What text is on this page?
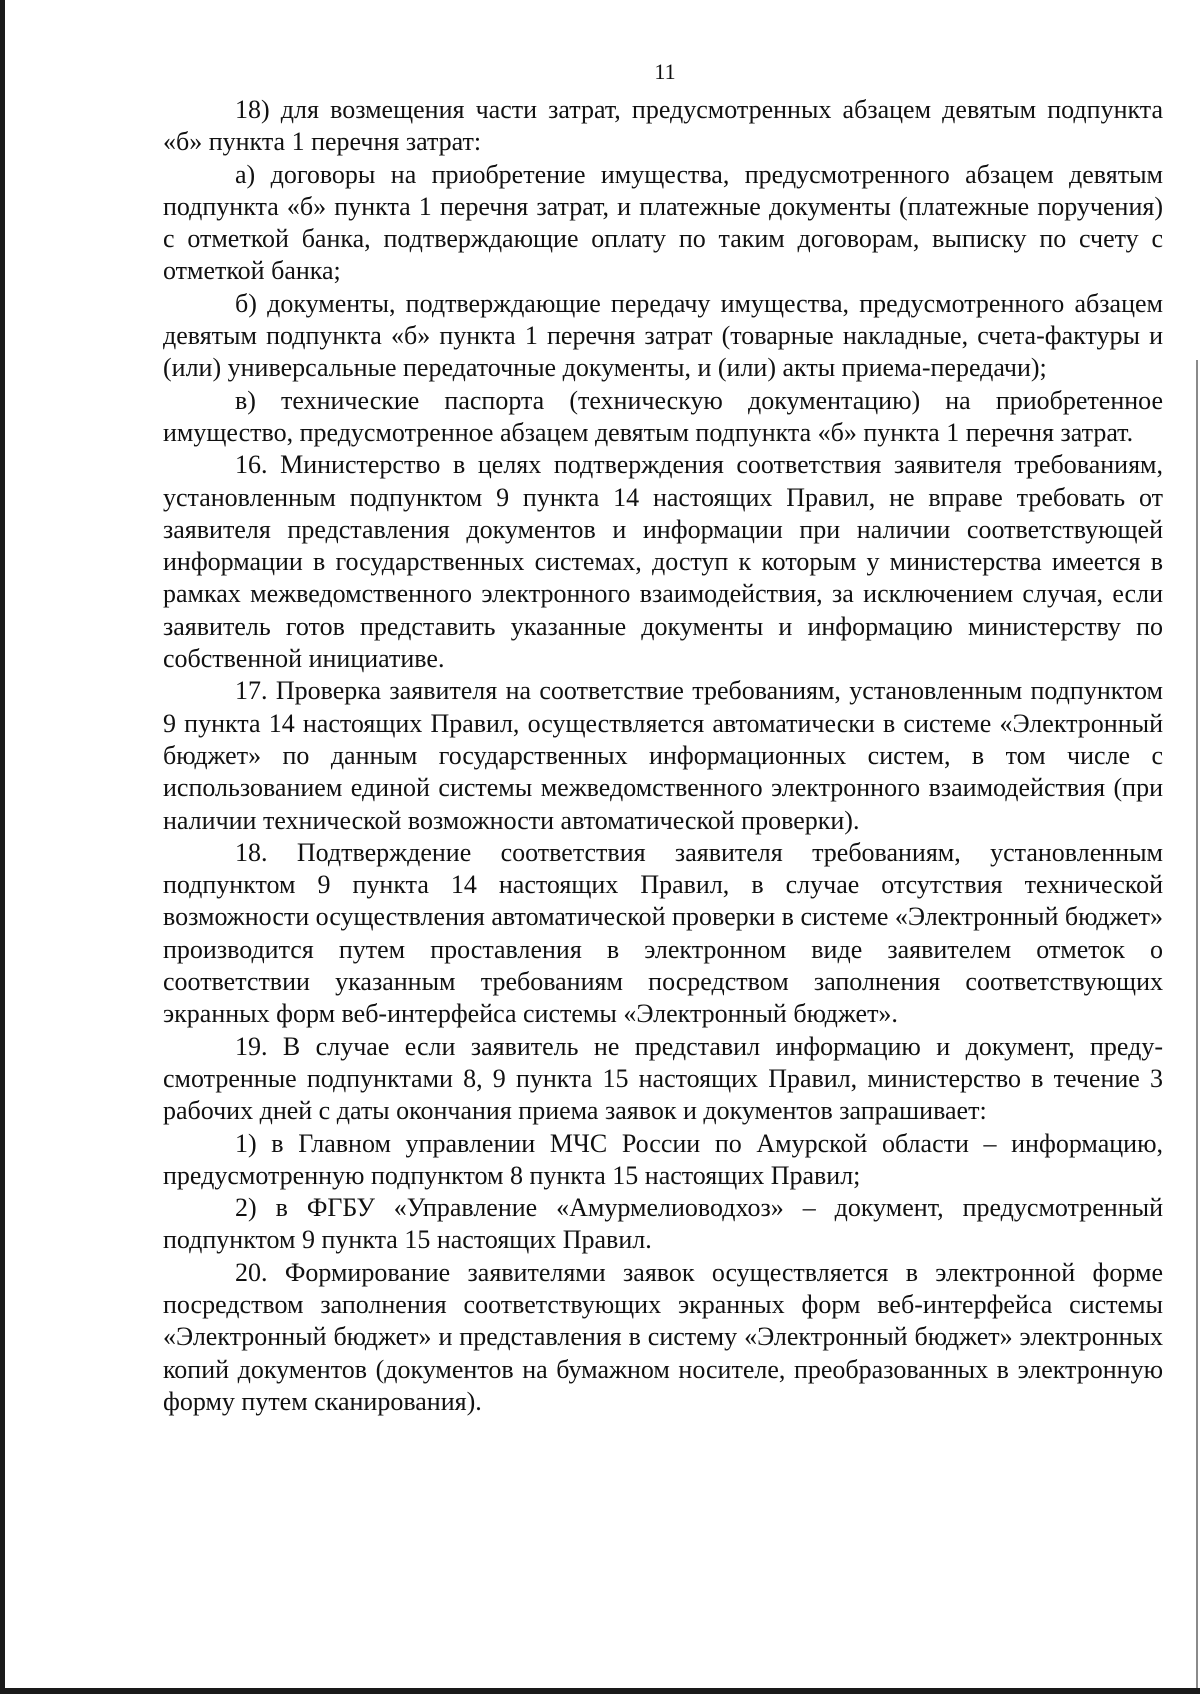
11

18) для возмещения части затрат, предусмотренных абзацем девятым подпункта «б» пункта 1 перечня затрат:

а) договоры на приобретение имущества, предусмотренного абзацем девятым подпункта «б» пункта 1 перечня затрат, и платежные документы (платежные поручения) с отметкой банка, подтверждающие оплату по таким договорам, выписку по счету с отметкой банка;

б) документы, подтверждающие передачу имущества, предусмотренного абзацем девятым подпункта «б» пункта 1 перечня затрат (товарные накладные, счета-фактуры и (или) универсальные передаточные документы, и (или) акты приема-передачи);

в) технические паспорта (техническую документацию) на приобретенное имущество, предусмотренное абзацем девятым подпункта «б» пункта 1 перечня затрат.

16. Министерство в целях подтверждения соответствия заявителя требованиям, установленным подпунктом 9 пункта 14 настоящих Правил, не вправе требовать от заявителя представления документов и информации при наличии соответствующей информации в государственных системах, доступ к которым у министерства имеется в рамках межведомственного электронного взаимодействия, за исключением случая, если заявитель готов представить указанные документы и информацию министерству по собственной инициативе.

17. Проверка заявителя на соответствие требованиям, установленным подпунктом 9 пункта 14 настоящих Правил, осуществляется автоматически в системе «Электронный бюджет» по данным государственных информационных систем, в том числе с использованием единой системы межведомственного электронного взаимодействия (при наличии технической возможности автоматической проверки).

18. Подтверждение соответствия заявителя требованиям, установленным подпунктом 9 пункта 14 настоящих Правил, в случае отсутствия технической возможности осуществления автоматической проверки в системе «Электронный бюджет» производится путем проставления в электронном виде заявителем отметок о соответствии указанным требованиям посредством заполнения соответствующих экранных форм веб-интерфейса системы «Электронный бюджет».

19. В случае если заявитель не представил информацию и документ, предусмотренные подпунктами 8, 9 пункта 15 настоящих Правил, министерство в течение 3 рабочих дней с даты окончания приема заявок и документов запрашивает:

1) в Главном управлении МЧС России по Амурской области – информацию, предусмотренную подпунктом 8 пункта 15 настоящих Правил;

2) в ФГБУ «Управление «Амурмелиоводхоз» – документ, предусмотренный подпунктом 9 пункта 15 настоящих Правил.

20. Формирование заявителями заявок осуществляется в электронной форме посредством заполнения соответствующих экранных форм веб-интерфейса системы «Электронный бюджет» и представления в систему «Электронный бюджет» электронных копий документов (документов на бумажном носителе, преобразованных в электронную форму путем сканирования).
